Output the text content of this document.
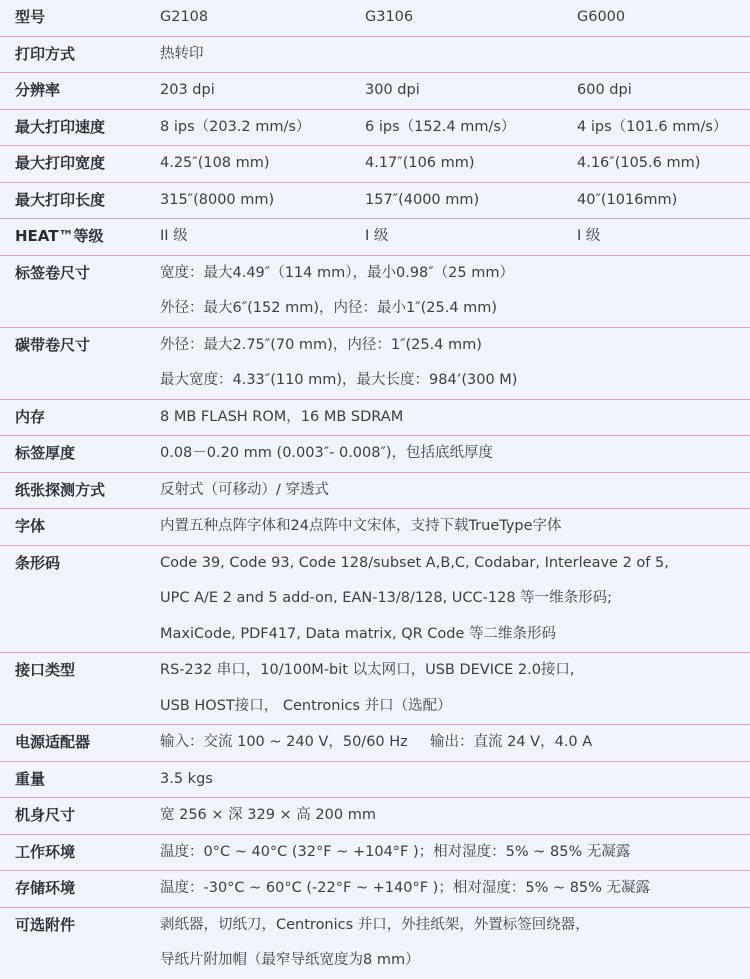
型号	G2108	G3106	G6000
打印方式	热转印
分辨率	203 dpi	300 dpi	600 dpi
最大打印速度	8 ips（203.2 mm/s）	6 ips（152.4 mm/s）	4 ips（101.6 mm/s）
最大打印宽度	4.25″(108 mm)	4.17″(106 mm)	4.16″(105.6 mm)
最大打印长度	315″(8000 mm)	157″(4000 mm)	40″(1016mm)
HEAT™等级	II 级	I 级	I 级
标签卷尺寸	宽度：最大4.49″（114 mm），最小0.98″（25 mm）
外径：最大6″(152 mm)，内径：最小1″(25.4 mm)
碳带卷尺寸	外径：最大2.75″(70 mm)，内径：1″(25.4 mm)
最大宽度：4.33″(110 mm)，最大长度：984’(300 M)
内存	8 MB FLASH ROM，16 MB SDRAM
标签厚度	0.08－0.20 mm (0.003″- 0.008″)，包括底纸厚度
纸张探测方式	反射式（可移动）/ 穿透式
字体	内置五种点阵字体和24点阵中文宋体，支持下载TrueType字体
条形码	Code 39, Code 93, Code 128/subset A,B,C, Codabar, Interleave 2 of 5,
UPC A/E 2 and 5 add-on, EAN-13/8/128, UCC-128 等一维条形码;
MaxiCode, PDF417, Data matrix, QR Code 等二维条形码
接口类型	RS-232 串口，10/100M-bit 以太网口，USB DEVICE 2.0接口,
USB HOST接口， Centronics 并口（选配）
电源适配器	输入：交流 100 ~ 240 V，50/60 Hz 输出：直流 24 V，4.0 A
重量	3.5 kgs
机身尺寸	宽 256 × 深 329 × 高 200 mm
工作环境	温度：0°C ~ 40°C (32°F ~ +104°F )；相对湿度：5% ~ 85% 无凝露
存储环境	温度：-30°C ~ 60°C (-22°F ~ +140°F )；相对湿度：5% ~ 85% 无凝露
可选附件	剥纸器，切纸刀，Centronics 并口，外挂纸架，外置标签回绕器，
导纸片附加帽（最窄导纸宽度为8 mm）
